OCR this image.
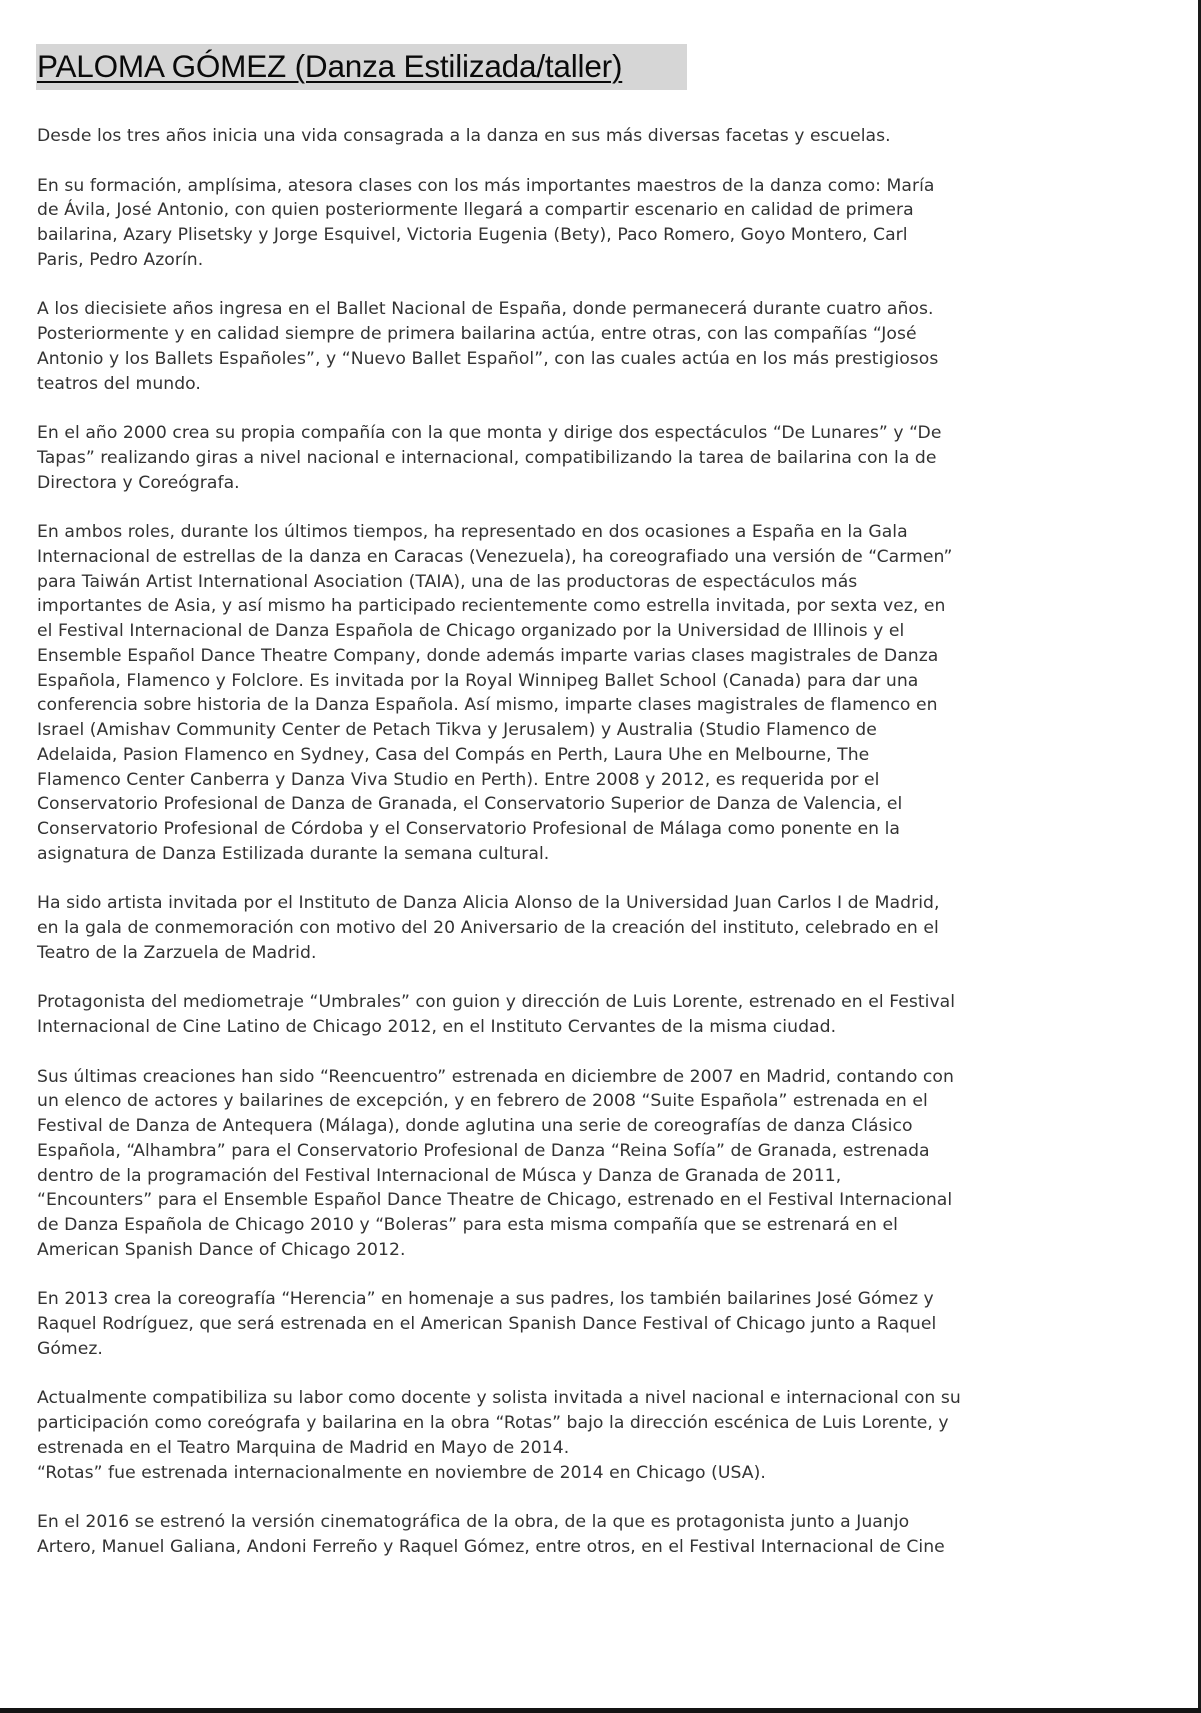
PALOMA GÓMEZ (Danza Estilizada/taller)

Desde los tres años inicia una vida consagrada a la danza en sus más diversas facetas y escuelas.

En su formación, amplísima, atesora clases con los más importantes maestros de la danza como: María
de Ávila, José Antonio, con quien posteriormente llegará a compartir escenario en calidad de primera
bailarina, Azary Plisetsky y Jorge Esquivel, Victoria Eugenia (Bety), Paco Romero, Goyo Montero, Carl
Paris, Pedro Azorín.

A los diecisiete años ingresa en el Ballet Nacional de España, donde permanecerá durante cuatro años.
Posteriormente y en calidad siempre de primera bailarina actúa, entre otras, con las compañías “José
Antonio y los Ballets Españoles”, y “Nuevo Ballet Español”, con las cuales actúa en los más prestigiosos
teatros del mundo.

En el año 2000 crea su propia compañía con la que monta y dirige dos espectáculos “De Lunares” y “De
Tapas” realizando giras a nivel nacional e internacional, compatibilizando la tarea de bailarina con la de
Directora y Coreógrafa.

En ambos roles, durante los últimos tiempos, ha representado en dos ocasiones a España en la Gala
Internacional de estrellas de la danza en Caracas (Venezuela), ha coreografiado una versión de “Carmen”
para Taiwán Artist International Asociation (TAIA), una de las productoras de espectáculos más
importantes de Asia, y así mismo ha participado recientemente como estrella invitada, por sexta vez, en
el Festival Internacional de Danza Española de Chicago organizado por la Universidad de Illinois y el
Ensemble Español Dance Theatre Company, donde además imparte varias clases magistrales de Danza
Española, Flamenco y Folclore. Es invitada por la Royal Winnipeg Ballet School (Canada) para dar una
conferencia sobre historia de la Danza Española. Así mismo, imparte clases magistrales de flamenco en
Israel (Amishav Community Center de Petach Tikva y Jerusalem) y Australia (Studio Flamenco de
Adelaida, Pasion Flamenco en Sydney, Casa del Compás en Perth, Laura Uhe en Melbourne, The
Flamenco Center Canberra y Danza Viva Studio en Perth). Entre 2008 y 2012, es requerida por el
Conservatorio Profesional de Danza de Granada, el Conservatorio Superior de Danza de Valencia, el
Conservatorio Profesional de Córdoba y el Conservatorio Profesional de Málaga como ponente en la
asignatura de Danza Estilizada durante la semana cultural.

Ha sido artista invitada por el Instituto de Danza Alicia Alonso de la Universidad Juan Carlos I de Madrid,
en la gala de conmemoración con motivo del 20 Aniversario de la creación del instituto, celebrado en el
Teatro de la Zarzuela de Madrid.

Protagonista del mediometraje “Umbrales” con guion y dirección de Luis Lorente, estrenado en el Festival
Internacional de Cine Latino de Chicago 2012, en el Instituto Cervantes de la misma ciudad.

Sus últimas creaciones han sido “Reencuentro” estrenada en diciembre de 2007 en Madrid, contando con
un elenco de actores y bailarines de excepción, y en febrero de 2008 “Suite Española” estrenada en el
Festival de Danza de Antequera (Málaga), donde aglutina una serie de coreografías de danza Clásico
Española, “Alhambra” para el Conservatorio Profesional de Danza “Reina Sofía” de Granada, estrenada
dentro de la programación del Festival Internacional de Músca y Danza de Granada de 2011,
“Encounters” para el Ensemble Español Dance Theatre de Chicago, estrenado en el Festival Internacional
de Danza Española de Chicago 2010 y “Boleras” para esta misma compañía que se estrenará en el
American Spanish Dance of Chicago 2012.

En 2013 crea la coreografía “Herencia” en homenaje a sus padres, los también bailarines José Gómez y
Raquel Rodríguez, que será estrenada en el American Spanish Dance Festival of Chicago junto a Raquel
Gómez.

Actualmente compatibiliza su labor como docente y solista invitada a nivel nacional e internacional con su
participación como coreógrafa y bailarina en la obra “Rotas” bajo la dirección escénica de Luis Lorente, y
estrenada en el Teatro Marquina de Madrid en Mayo de 2014.
“Rotas” fue estrenada internacionalmente en noviembre de 2014 en Chicago (USA).

En el 2016 se estrenó la versión cinematográfica de la obra, de la que es protagonista junto a Juanjo
Artero, Manuel Galiana, Andoni Ferreño y Raquel Gómez, entre otros, en el Festival Internacional de Cine
